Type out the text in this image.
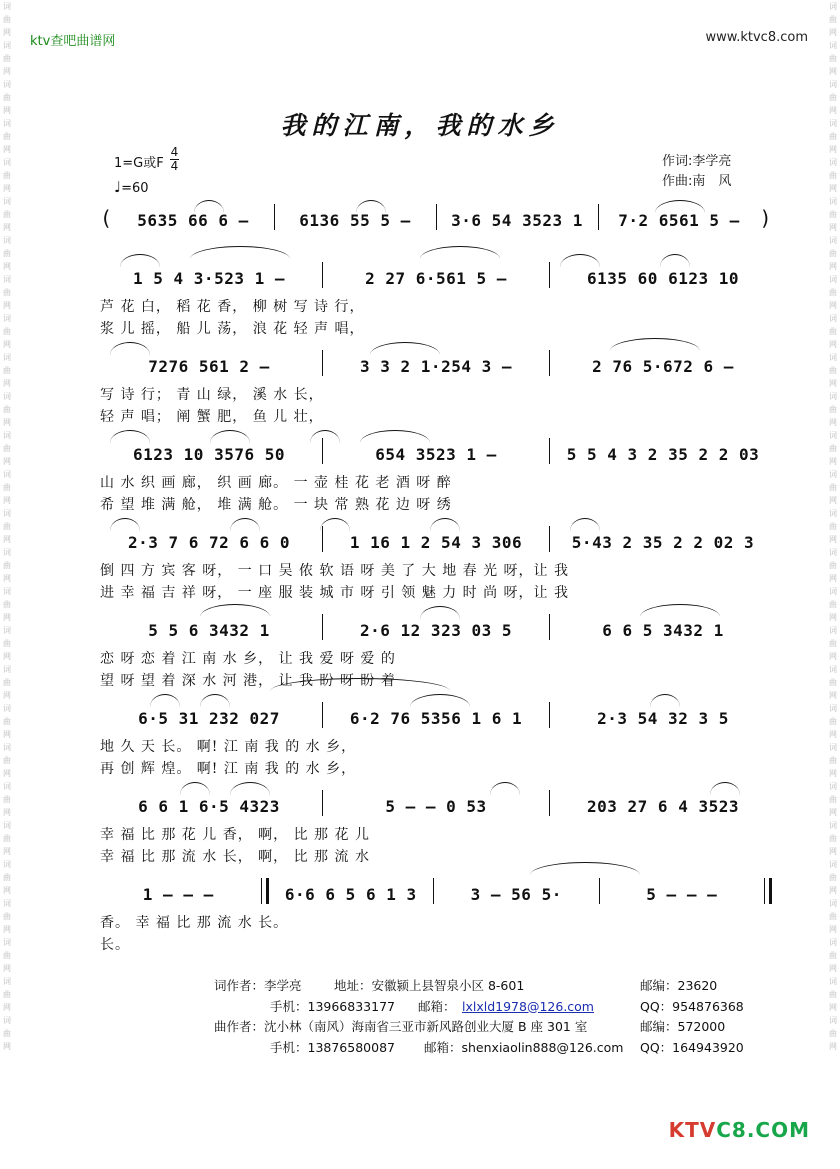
词曲网词曲网词曲网词曲网词曲网词曲网词曲网词曲网词曲网词曲网词曲网词曲网词曲网词曲网词曲网词曲网词曲网词曲网词曲网词曲网词曲网词曲网词曲网词曲网词曲网词曲网词曲网
词曲网词曲网词曲网词曲网词曲网词曲网词曲网词曲网词曲网词曲网词曲网词曲网词曲网词曲网词曲网词曲网词曲网词曲网词曲网词曲网词曲网词曲网词曲网词曲网词曲网词曲网词曲网
ktv查吧曲谱网	www.ktvc8.com
我的江南，我的水乡
1=G或F
4
4
♩=60
作词:李学亮
作曲:南　风
(	5635 66 6 –	6136 55 5 –	3·6 54 3523 1	7·2 6561 5 – )
1 5 4 3·523 1 –	2 27 6·561 5 –	6135 60 6123 10
芦 花 白， 稻 花 香， 柳 树 写 诗 行，
浆 儿 摇， 船 儿 荡， 浪 花 轻 声 唱，
7276 561 2 –	3 3 2 1·254 3 –	2 76 5·672 6 –
写 诗 行； 青 山 绿， 溪 水 长，
轻 声 唱； 阐 蟹 肥， 鱼 儿 壮，
6123 10 3576 50	654 3523 1 –	5 5 4 3 2 35 2 2 03
山 水 织 画 廊， 织 画 廊。 一 壶 桂 花 老 酒 呀 醉
希 望 堆 满 舱， 堆 满 舱。 一 块 常 熟 花 边 呀 绣
2·3 7 6 72 6 6 0	1 16 1 2 54 3 306	5·43 2 35 2 2 02 3
倒 四 方 宾 客 呀， 一 口 吴 侬 软 语 呀 美 了 大 地 春 光 呀，让 我
进 幸 福 吉 祥 呀， 一 座 服 装 城 市 呀 引 领 魅 力 时 尚 呀，让 我
5 5 6 3432 1	2·6 12 323 03 5	6 6 5 3432 1
恋 呀 恋 着 江 南 水 乡， 让 我 爱 呀 爱 的
望 呀 望 着 深 水 河 港， 让 我 盼 呀 盼 着
6·5 31 232 027	6·2 76 5356 1 6 1	2·3 54 32 3 5
地 久 天 长。 啊! 江 南 我 的 水 乡，
再 创 辉 煌。 啊! 江 南 我 的 水 乡，
6 6 1 6·5 4323	5 – – 0 53	203 27 6 4 3523
幸 福 比 那 花 儿 香， 啊， 比 那 花 儿
幸 福 比 那 流 水 长， 啊， 比 那 流 水
1 – – –	6·6 6 5 6 1 3	3 – 56 5·	5 – – –
香。 幸 福 比 那 流 水 长。
长。
词作者：李学亮	地址：安徽颍上县智泉小区 8-601	邮编：23620
手机：13966833177 邮箱： lxlxld1978@126.com	QQ：954876368
曲作者：沈小林（南风）海南省三亚市新风路创业大厦 B 座 301 室	邮编：572000
手机：13876580087 邮箱：shenxiaolin888@126.com QQ：164943920
KTVC8.COM
